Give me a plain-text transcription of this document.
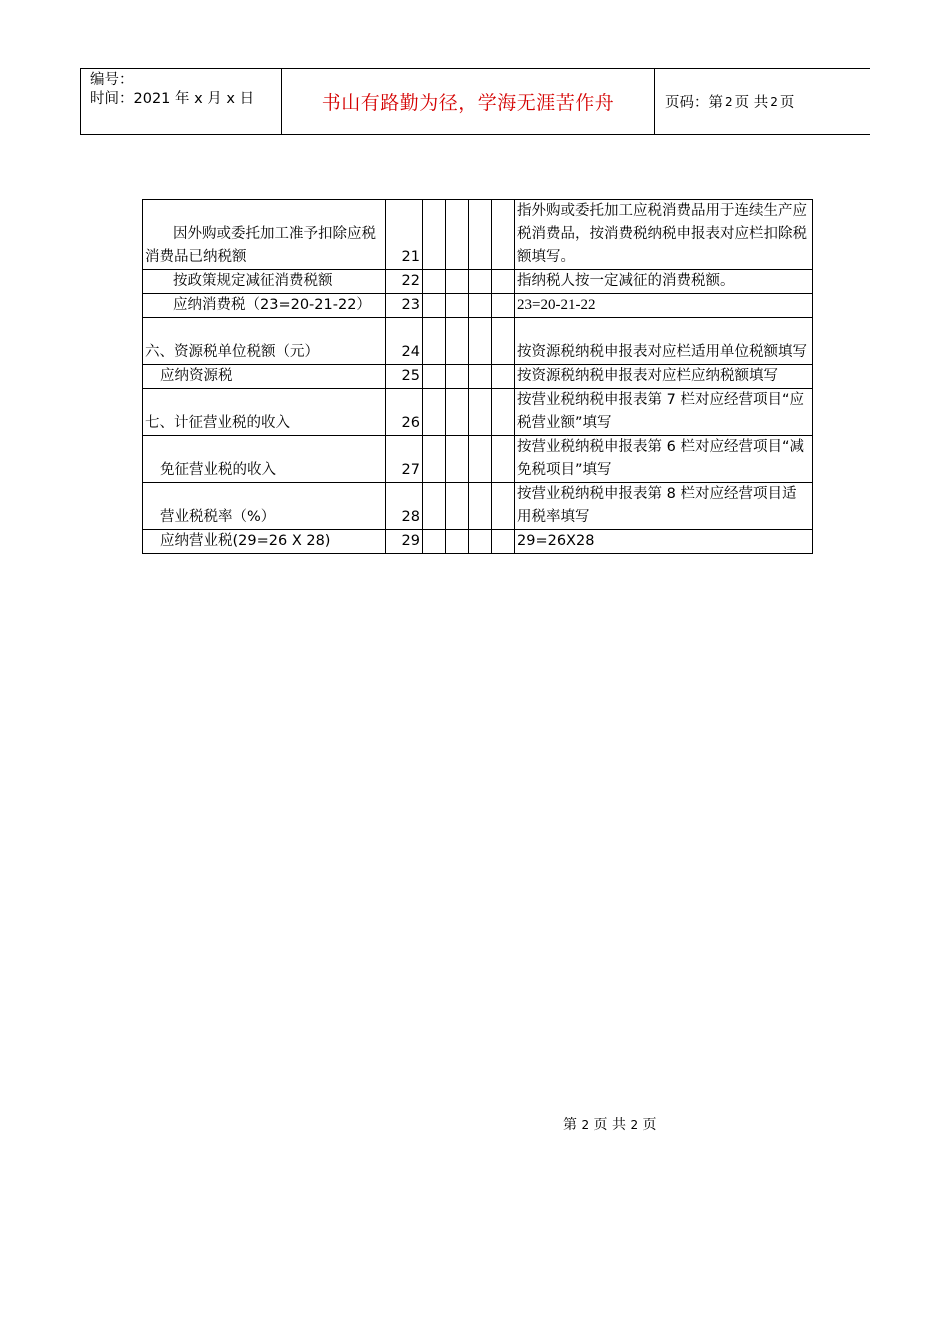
编号：
时间：2021 年 x 月 x 日	书山有路勤为径，学海无涯苦作舟	页码：第 2 页 共 2 页
因外购或委托加工准予扣除应税消费品已纳税额	21					指外购或委托加工应税消费品用于连续生产应税消费品，按消费税纳税申报表对应栏扣除税额填写。
按政策规定减征消费税额	22					指纳税人按一定减征的消费税额。
应纳消费税（23=20-21-22）	23					23=20-21-22
六、资源税单位税额（元）	24					按资源税纳税申报表对应栏适用单位税额填写
应纳资源税	25					按资源税纳税申报表对应栏应纳税额填写
七、计征营业税的收入	26					按营业税纳税申报表第 7 栏对应经营项目“应税营业额”填写
免征营业税的收入	27					按营业税纳税申报表第 6 栏对应经营项目“减免税项目”填写
营业税税率（%）	28					按营业税纳税申报表第 8 栏对应经营项目适用税率填写
应纳营业税(29=26 X 28)	29					29=26X28
第 2 页 共 2 页
